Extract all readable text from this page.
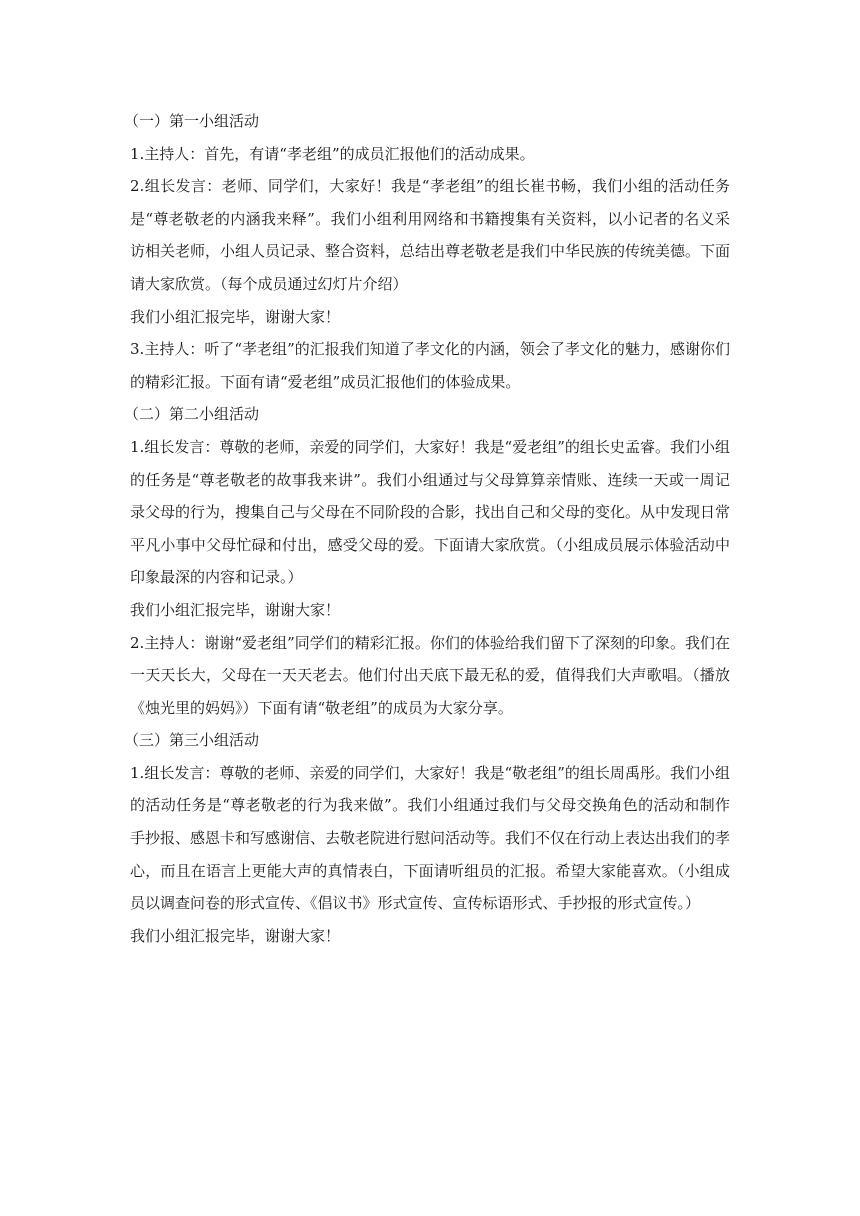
（一）第一小组活动

1.主持人：首先，有请“孝老组”的成员汇报他们的活动成果。

2.组长发言：老师、同学们，大家好！我是“孝老组”的组长崔书畅，我们小组的活动任务是“尊老敬老的内涵我来释”。我们小组利用网络和书籍搜集有关资料，以小记者的名义采访相关老师，小组人员记录、整合资料，总结出尊老敬老是我们中华民族的传统美德。下面请大家欣赏。（每个成员通过幻灯片介绍）

我们小组汇报完毕，谢谢大家！

3.主持人：听了“孝老组”的汇报我们知道了孝文化的内涵，领会了孝文化的魅力，感谢你们的精彩汇报。下面有请“爱老组”成员汇报他们的体验成果。

（二）第二小组活动

1.组长发言：尊敬的老师，亲爱的同学们，大家好！我是“爱老组”的组长史孟睿。我们小组的任务是“尊老敬老的故事我来讲”。我们小组通过与父母算算亲情账、连续一天或一周记录父母的行为，搜集自己与父母在不同阶段的合影，找出自己和父母的变化。从中发现日常平凡小事中父母忙碌和付出，感受父母的爱。下面请大家欣赏。（小组成员展示体验活动中印象最深的内容和记录。）

我们小组汇报完毕，谢谢大家！

2.主持人：谢谢“爱老组”同学们的精彩汇报。你们的体验给我们留下了深刻的印象。我们在一天天长大，父母在一天天老去。他们付出天底下最无私的爱，值得我们大声歌唱。（播放《烛光里的妈妈》）下面有请“敬老组”的成员为大家分享。

（三）第三小组活动

1.组长发言：尊敬的老师、亲爱的同学们，大家好！我是“敬老组”的组长周禹彤。我们小组的活动任务是“尊老敬老的行为我来做”。我们小组通过我们与父母交换角色的活动和制作手抄报、感恩卡和写感谢信、去敬老院进行慰问活动等。我们不仅在行动上表达出我们的孝心，而且在语言上更能大声的真情表白，下面请听组员的汇报。希望大家能喜欢。（小组成员以调查问卷的形式宣传、《倡议书》形式宣传、宣传标语形式、手抄报的形式宣传。）

我们小组汇报完毕，谢谢大家！
